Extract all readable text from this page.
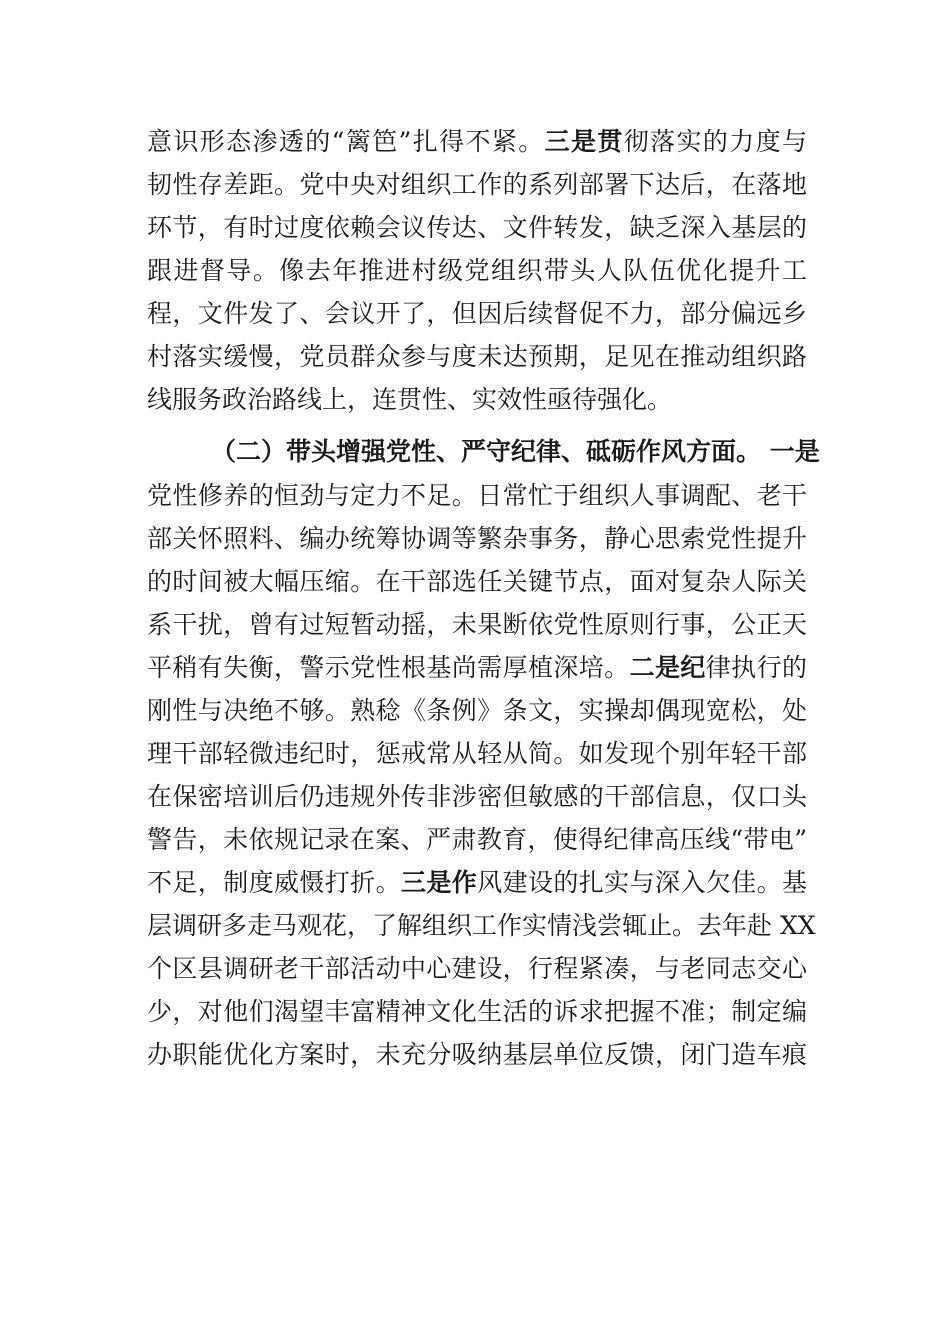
意识形态渗透的“篱笆”扎得不紧。三是贯彻落实的力度与
韧性存差距。党中央对组织工作的系列部署下达后，在落地
环节，有时过度依赖会议传达、文件转发，缺乏深入基层的
跟进督导。像去年推进村级党组织带头人队伍优化提升工
程，文件发了、会议开了，但因后续督促不力，部分偏远乡
村落实缓慢，党员群众参与度未达预期，足见在推动组织路
线服务政治路线上，连贯性、实效性亟待强化。
（二）带头增强党性、严守纪律、砥砺作风方面。 一是
党性修养的恒劲与定力不足。日常忙于组织人事调配、老干
部关怀照料、编办统筹协调等繁杂事务，静心思索党性提升
的时间被大幅压缩。在干部选任关键节点，面对复杂人际关
系干扰，曾有过短暂动摇，未果断依党性原则行事，公正天
平稍有失衡，警示党性根基尚需厚植深培。二是纪律执行的
刚性与决绝不够。熟稔《条例》条文，实操却偶现宽松，处
理干部轻微违纪时，惩戒常从轻从简。如发现个别年轻干部
在保密培训后仍违规外传非涉密但敏感的干部信息，仅口头
警告，未依规记录在案、严肃教育，使得纪律高压线“带电”
不足，制度威慑打折。三是作风建设的扎实与深入欠佳。基
层调研多走马观花，了解组织工作实情浅尝辄止。去年赴 XX
个区县调研老干部活动中心建设，行程紧凑，与老同志交心
少，对他们渴望丰富精神文化生活的诉求把握不准；制定编
办职能优化方案时，未充分吸纳基层单位反馈，闭门造车痕
